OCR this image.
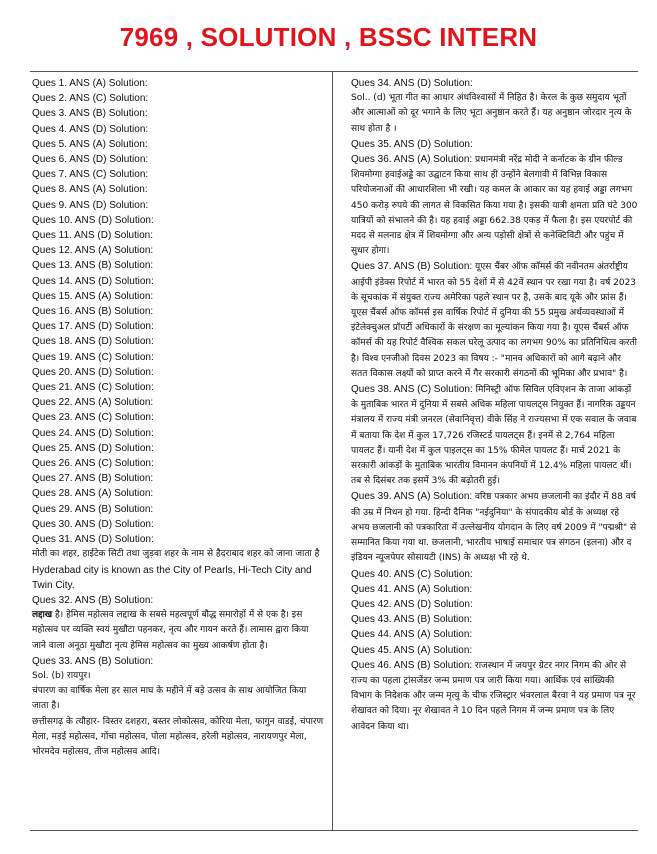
7969 , SOLUTION , BSSC INTERN

Ques 1. ANS (A) Solution:

Ques 2. ANS (C) Solution:

Ques 3. ANS (B) Solution:

Ques 4. ANS (D) Solution:

Ques 5. ANS (A) Solution:

Ques 6. ANS (D) Solution:

Ques 7. ANS (C) Solution:

Ques 8. ANS (A) Solution:

Ques 9. ANS (D) Solution:

Ques 10. ANS (D) Solution:

Ques 11. ANS (D) Solution:

Ques 12. ANS (A) Solution:

Ques 13. ANS (B) Solution:

Ques 14. ANS (D) Solution:

Ques 15. ANS (A) Solution:

Ques 16. ANS (B) Solution:

Ques 17. ANS (D) Solution:

Ques 18. ANS (D) Solution:

Ques 19. ANS (C) Solution:

Ques 20. ANS (D) Solution:

Ques 21. ANS (C) Solution:

Ques 22. ANS (A) Solution:

Ques 23. ANS (C) Solution:

Ques 24. ANS (D) Solution:

Ques 25. ANS (D) Solution:

Ques 26. ANS (C) Solution:

Ques 27. ANS (B) Solution:

Ques 28. ANS (A) Solution:

Ques 29. ANS (B) Solution:

Ques 30. ANS (D) Solution:

Ques 31. ANS (D) Solution:

मोती का शहर, हाईटेक सिटी तथा जुड़वा शहर के नाम से हैदराबाद शहर को जाना जाता है

Hyderabad city is known as the City of Pearls, Hi-Tech City and Twin City.

Ques 32. ANS (B) Solution:

लद्दाख है। हेमिस महोत्सव लद्दाख के सबसे महत्वपूर्ण बौद्ध समारोहों में से एक है। इस महोत्सव पर व्यक्ति स्वयं मुखौटा पहनकर, नृत्य और गायन करते हैं। लामास द्वारा किया जाने वाला अनूठा मुखौटा नृत्य हेमिस महोत्सव का मुख्य आकर्षण होता है।

Ques 33. ANS (B) Solution:

Sol. (b) रायपुर।

चंपारण का वार्षिक मेला हर साल माघ के महीने में बड़े उत्सव के साथ आयोजित किया जाता है।

छत्तीसगढ़ के त्यौहार- विस्तर दशहरा, बस्तर लोकोत्सव, कोरिया मेला, फागुन वाडई, चंपारण मेला, मड़ई महोत्सव, गोंचा महोत्सव, पोला महोत्सव, हरेली महोत्सव, नारायणपुर मेला, भोरमदेव महोत्सव, तीज महोत्सव आदि।

Ques 34. ANS (D) Solution:

Sol.. (d) भूता गीत का आधार अंधविश्वासों में निहित है। केरल के कुछ समुदाय भूतों और आत्माओं को दूर भगाने के लिए भूटा अनुष्ठान करते हैं। यह अनुष्ठान जोरदार नृत्य के साथ होता है ।

Ques 35. ANS (D) Solution:

Ques 36. ANS (A) Solution: प्रधानमंत्री नरेंद्र मोदी ने कर्नाटक के ग्रीन फील्ड शिवमोग्गा हवाईअड्डे का उद्घाटन किया साथ ही उन्होंने बेलगावी में विभिन्न विकास परियोजनाओं की आधारशिला भी रखी। यह कमल के आकार का यह हवाई अड्डा लगभग 450 करोड़ रुपये की लागत से विकसित किया गया है। इसकी यात्री क्षमता प्रति घंटे 300 यात्रियों को संभालने की है। यह हवाई अड्डा 662.38 एकड़ में फैला है। इस एयरपोर्ट की मदद से मलनाड क्षेत्र में शिवमोग्गा और अन्य पड़ोसी क्षेत्रों से कनेक्टिविटी और पहुंच में सुधार होगा।

Ques 37. ANS (B) Solution: यूएस चैंबर ऑफ कॉमर्स की नवीनतम अंतर्राष्ट्रीय आईपी इंडेक्स रिपोर्ट में भारत को 55 देशों में से 42वें स्थान पर रखा गया है। वर्ष 2023 के सूचकांक में संयुक्त राज्य अमेरिका पहले स्थान पर है, उसके बाद यूके और फ्रांस हैं। यूएस चैंबर्स ऑफ कॉमर्स इस वार्षिक रिपोर्ट में दुनिया की 55 प्रमुख अर्थव्यवस्थाओं में इंटेलेक्चुअल प्रॉपर्टी अधिकारों के संरक्षण का मूल्यांकन किया गया है। यूएस चैंबर्स ऑफ कॉमर्स की यह रिपोर्ट वैश्विक सकल घरेलू उत्पाद का लगभग 90% का प्रतिनिधित्व करती है। विश्व एनजीओ दिवस 2023 का विषय :- "मानव अधिकारों को आगे बढ़ाने और सतत विकास लक्ष्यों को प्राप्त करने में गैर सरकारी संगठनों की भूमिका और प्रभाव" है।

Ques 38. ANS (C) Solution: मिनिस्ट्री ऑफ सिविल एविएशन के ताजा आंकड़ों के मुताबिक भारत में दुनिया में सबसे अधिक महिला पायलट्स नियुक्त हैं। नागरिक उड्डयन मंत्रालय में राज्य मंत्री जनरल (सेवानिवृत्त) वीके सिंह ने राज्यसभा में एक सवाल के जवाब में बताया कि देश में कुल 17,726 रजिस्टर्ड पायलट्स हैं। इनमें से 2,764 महिला पायलट हैं। यानी देश में कुल पाइलट्स का 15% फीमेल पायलट हैं। मार्च 2021 के सरकारी आंकड़ों के मुताबिक भारतीय विमानन कंपनियों में 12.4% महिला पायलट थीं। तब से दिसंबर तक इसमें 3% की बढ़ोतरी हुई।

Ques 39. ANS (A) Solution: वरिष्ठ पत्रकार अभय छजलानी का इंदौर में 88 वर्ष की उम्र में निधन हो गया. हिन्दी दैनिक "नईदुनिया" के संपादकीय बोर्ड के अध्यक्ष रहे अभय छजलानी को पत्रकारिता में उल्लेखनीय योगदान के लिए वर्ष 2009 में "पद्मश्री" से सम्मानित किया गया था. छजलानी, भारतीय भाषाई समाचार पत्र संगठन (इलना) और द इंडियन न्यूजपेपर सोसायटी (INS) के अध्यक्ष भी रहे थे.

Ques 40. ANS (C) Solution:

Ques 41. ANS (A) Solution:

Ques 42. ANS (D) Solution:

Ques 43. ANS (B) Solution:

Ques 44. ANS (A) Solution:

Ques 45. ANS (A) Solution:

Ques 46. ANS (B) Solution: राजस्थान में जयपुर ग्रेटर नगर निगम की ओर से राज्य का पहला ट्रांसजेंडर जन्म प्रमाण पत्र जारी किया गया। आर्थिक एवं सांख्यिकी विभाग के निदेशक और जन्म मृत्यु के चीफ रजिस्ट्रार भंवरलाल बैरवा ने यह प्रमाण पत्र नूर शेखावत को दिया। नूर शेखावत ने 10 दिन पहले निगम में जन्म प्रमाण पत्र के लिए आवेदन किया था।
